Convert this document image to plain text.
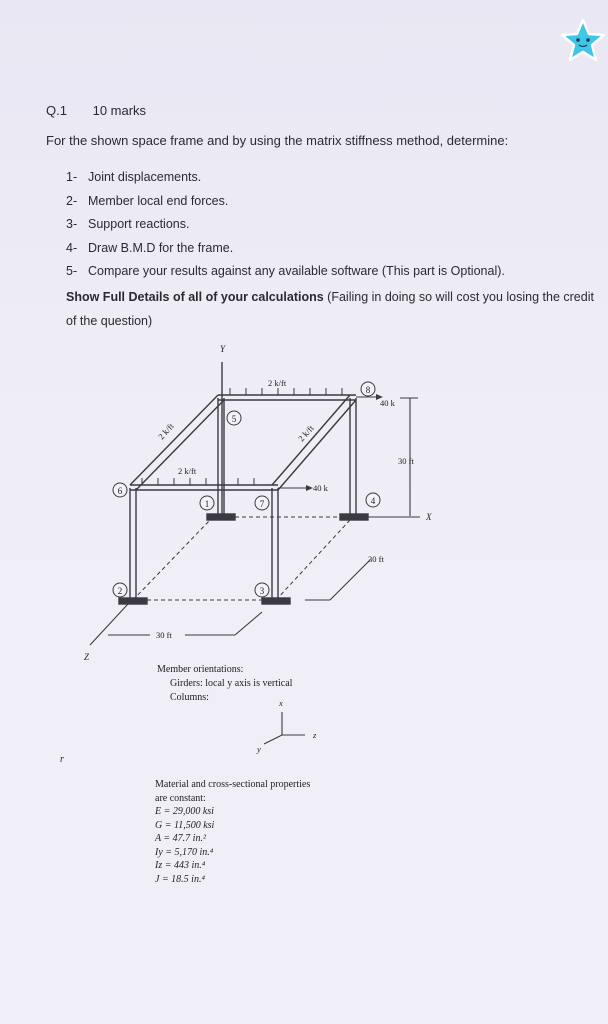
Q.1 10 marks
For the shown space frame and by using the matrix stiffness method, determine:
1- Joint displacements.
2- Member local end forces.
3- Support reactions.
4- Draw B.M.D for the frame.
5- Compare your results against any available software (This part is Optional).
Show Full Details of all of your calculations (Failing in doing so will cost you losing the credit of the question)
1
2	3
4
5
6
7
8
Y
X
Z
2 k/ft
2 k/ft
2 k/ft	2 k/ft
40 k
40 k
30 ft
30 ft
30 ft
x
z
y
r
Member orientations:
Girders: local y axis is vertical
Columns:
Material and cross-sectional properties
are constant:
E = 29,000 ksi
G = 11,500 ksi
A = 47.7 in.²
Iy = 5,170 in.⁴
Iz = 443 in.⁴
J = 18.5 in.⁴
